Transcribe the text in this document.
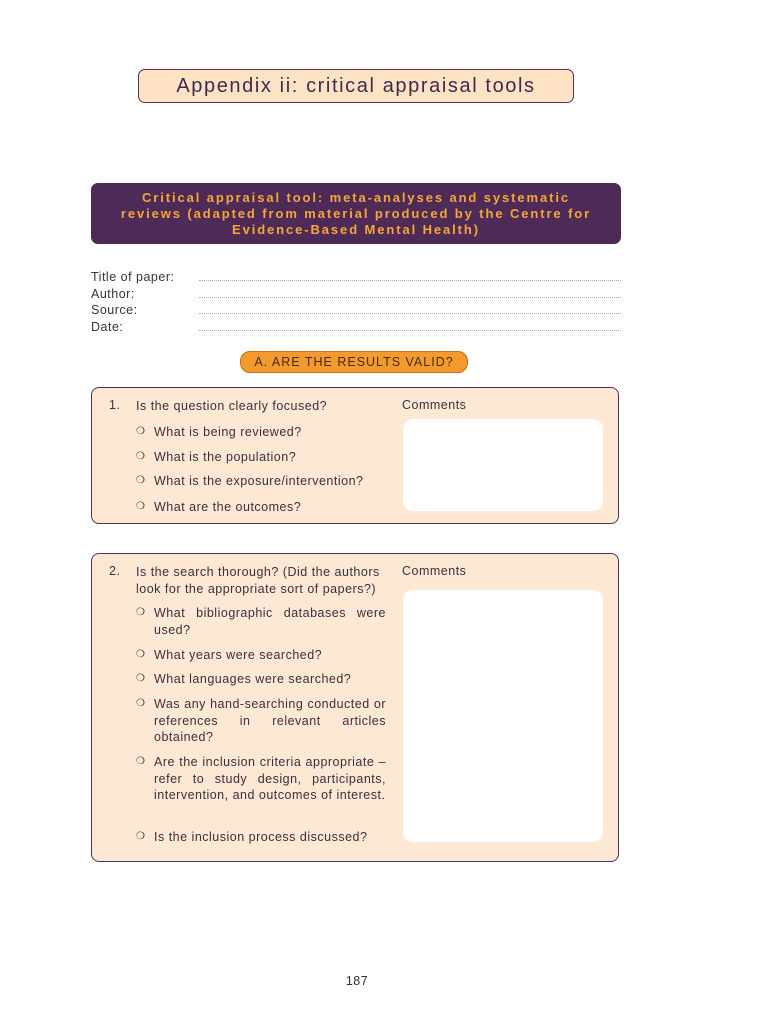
Appendix ii: critical appraisal tools
Critical appraisal tool: meta-analyses and systematic
reviews (adapted from material produced by the Centre for
Evidence-Based Mental Health)
Title of paper:
Author:
Source:
Date:
A. ARE THE RESULTS VALID?
1. Is the question clearly focused?	Comments
❍ What is being reviewed?
❍ What is the population?
❍ What is the exposure/intervention?
❍ What are the outcomes?
2. Is the search thorough? (Did the authors look for the appropriate sort of papers?)
Comments
❍ What bibliographic databases were used?
❍ What years were searched?
❍ What languages were searched?
❍ Was any hand-searching conducted or references in relevant articles obtained?
❍ Are the inclusion criteria appropriate – refer to study design, participants, intervention, and outcomes of interest.
❍ Is the inclusion process discussed?
187
